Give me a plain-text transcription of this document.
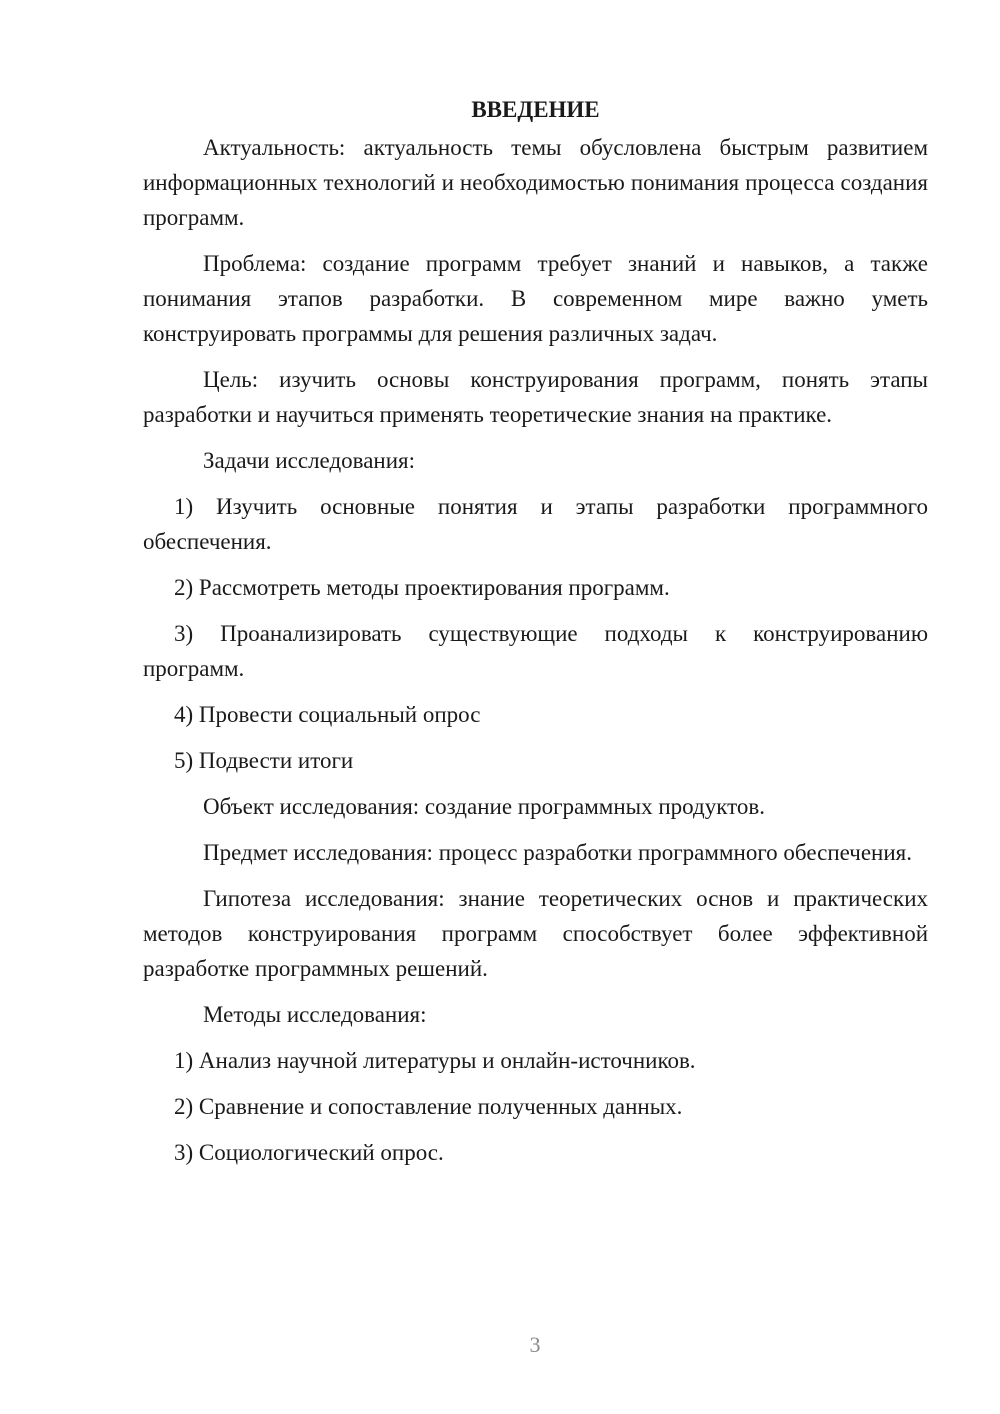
ВВЕДЕНИЕ

Актуальность: актуальность темы обусловлена быстрым развитием информационных технологий и необходимостью понимания процесса создания программ.

Проблема: создание программ требует знаний и навыков, а также понимания этапов разработки. В современном мире важно уметь конструировать программы для решения различных задач.

Цель: изучить основы конструирования программ, понять этапы разработки и научиться применять теоретические знания на практике.

Задачи исследования:

1) Изучить основные понятия и этапы разработки программного обеспечения.

2) Рассмотреть методы проектирования программ.

3) Проанализировать существующие подходы к конструированию программ.

4) Провести социальный опрос

5) Подвести итоги

Объект исследования: создание программных продуктов.

Предмет исследования: процесс разработки программного обеспечения.

Гипотеза исследования: знание теоретических основ и практических методов конструирования программ способствует более эффективной разработке программных решений.

Методы исследования:

1) Анализ научной литературы и онлайн-источников.

2) Сравнение и сопоставление полученных данных.

3) Социологический опрос.

3
